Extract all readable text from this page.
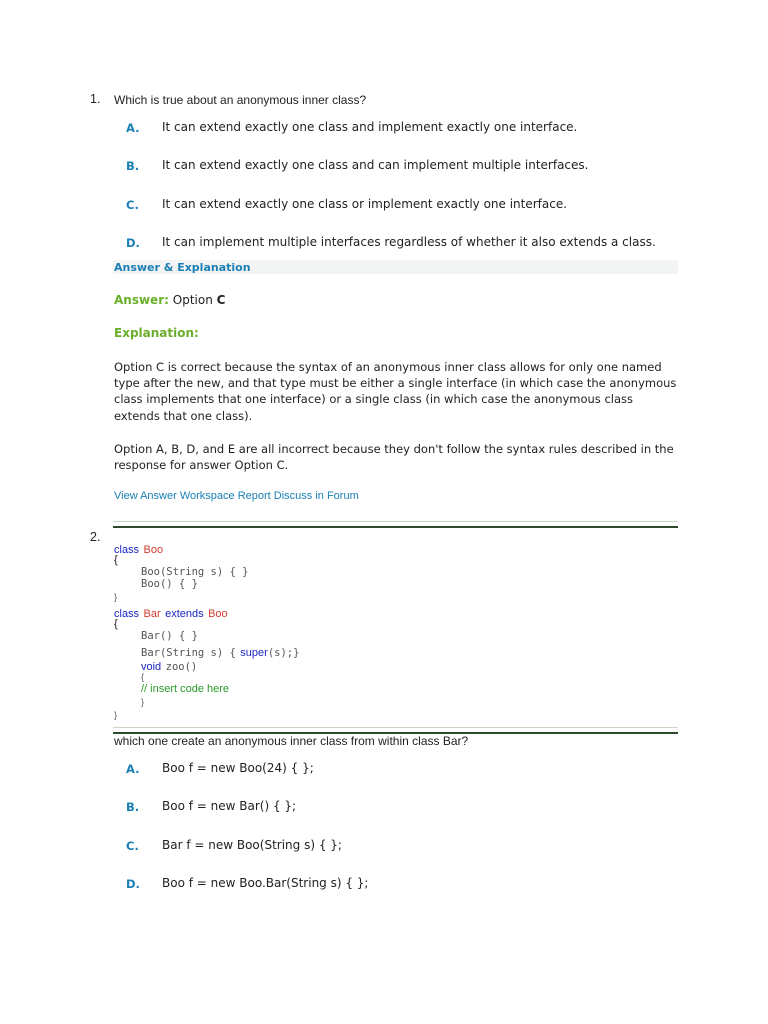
1. Which is true about an anonymous inner class?
A. It can extend exactly one class and implement exactly one interface.
B. It can extend exactly one class and can implement multiple interfaces.
C. It can extend exactly one class or implement exactly one interface.
D. It can implement multiple interfaces regardless of whether it also extends a class.
Answer & Explanation
Answer: Option C
Explanation:
Option C is correct because the syntax of an anonymous inner class allows for only one named type after the new, and that type must be either a single interface (in which case the anonymous class implements that one interface) or a single class (in which case the anonymous class extends that one class).
Option A, B, D, and E are all incorrect because they don't follow the syntax rules described in the response for answer Option C.
View Answer Workspace Report Discuss in Forum
2.
class Boo
{
Boo(String s) { }
Boo() { }
}
class Bar extends Boo
{
Bar() { }
Bar(String s) { super(s);}
void zoo()
{
// insert code here
}
}
which one create an anonymous inner class from within class Bar?
A. Boo f = new Boo(24) { };
B. Boo f = new Bar() { };
C. Bar f = new Boo(String s) { };
D. Boo f = new Boo.Bar(String s) { };
